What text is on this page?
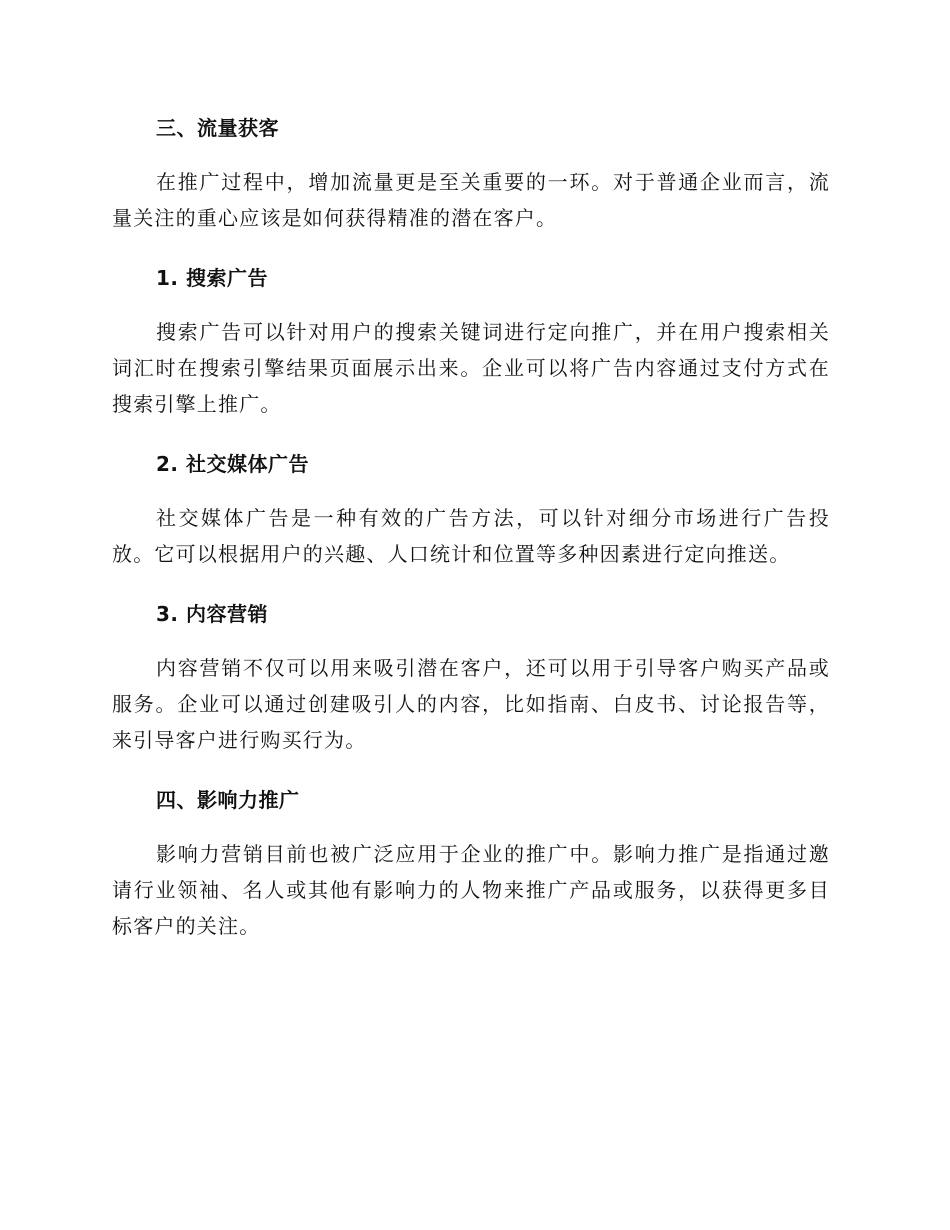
三、流量获客

在推广过程中，增加流量更是至关重要的一环。对于普通企业而言，流量关注的重心应该是如何获得精准的潜在客户。

1. 搜索广告

搜索广告可以针对用户的搜索关键词进行定向推广，并在用户搜索相关词汇时在搜索引擎结果页面展示出来。企业可以将广告内容通过支付方式在搜索引擎上推广。

2. 社交媒体广告

社交媒体广告是一种有效的广告方法，可以针对细分市场进行广告投放。它可以根据用户的兴趣、人口统计和位置等多种因素进行定向推送。

3. 内容营销

内容营销不仅可以用来吸引潜在客户，还可以用于引导客户购买产品或服务。企业可以通过创建吸引人的内容，比如指南、白皮书、讨论报告等，来引导客户进行购买行为。

四、影响力推广

影响力营销目前也被广泛应用于企业的推广中。影响力推广是指通过邀请行业领袖、名人或其他有影响力的人物来推广产品或服务，以获得更多目标客户的关注。
